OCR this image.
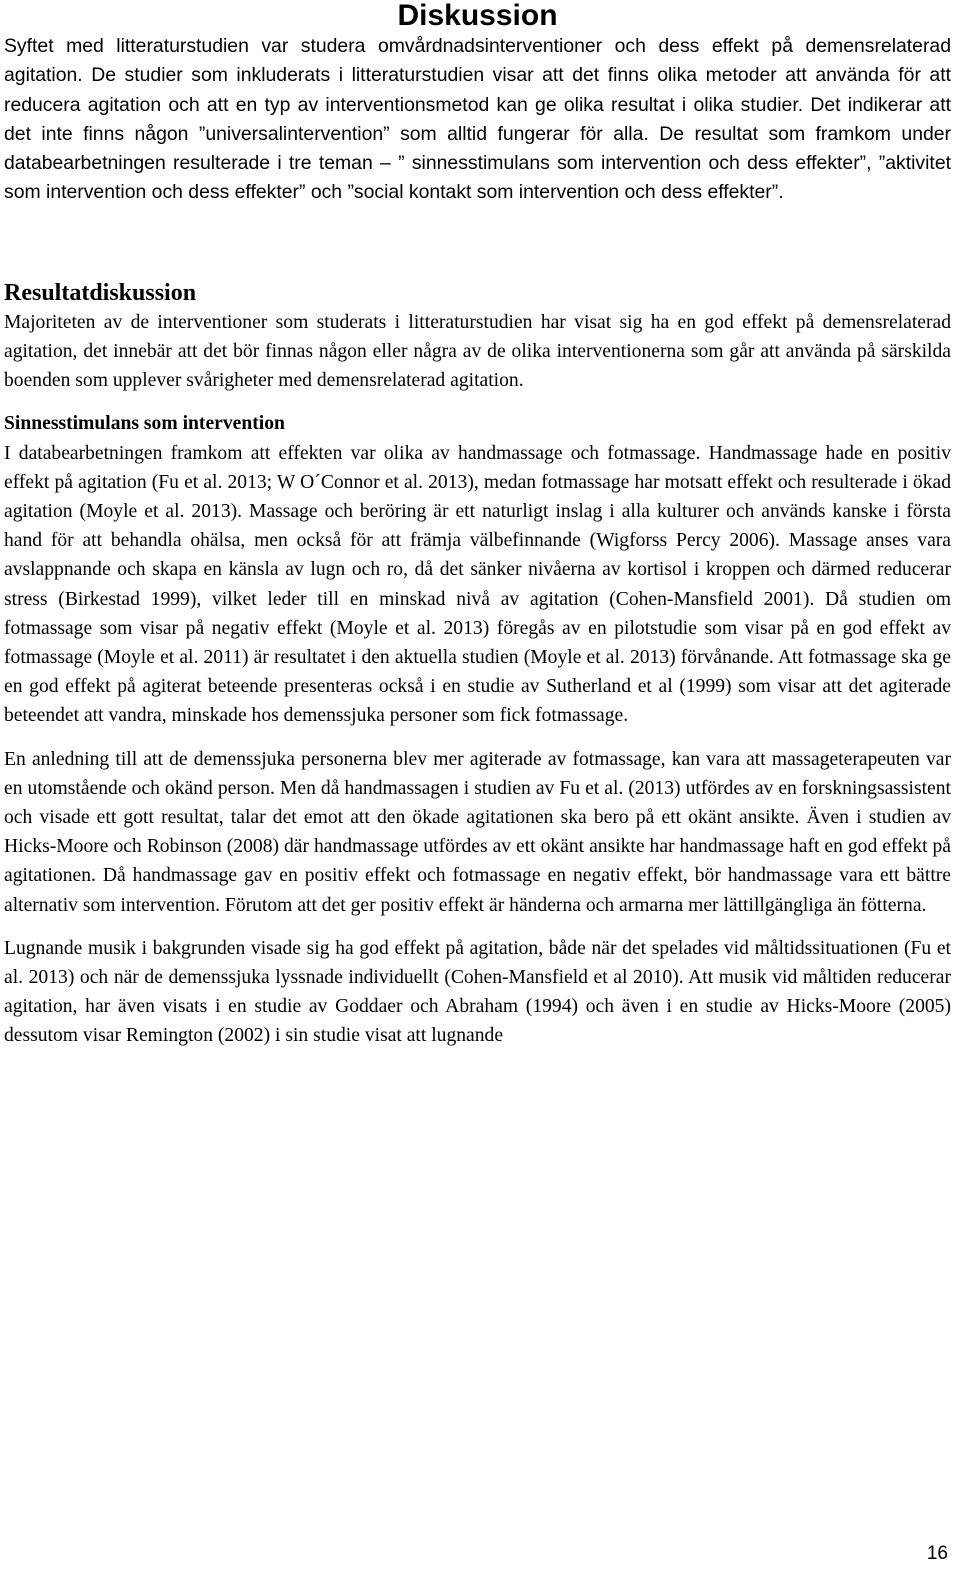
Diskussion

Syftet med litteraturstudien var studera omvårdnadsinterventioner och dess effekt på demensrelaterad agitation. De studier som inkluderats i litteraturstudien visar att det finns olika metoder att använda för att reducera agitation och att en typ av interventionsmetod kan ge olika resultat i olika studier. Det indikerar att det inte finns någon ”universalintervention” som alltid fungerar för alla. De resultat som framkom under databearbetningen resulterade i tre teman – ” sinnesstimulans som intervention och dess effekter”, ”aktivitet som intervention och dess effekter” och ”social kontakt som intervention och dess effekter”.

Resultatdiskussion

Majoriteten av de interventioner som studerats i litteraturstudien har visat sig ha en god effekt på demensrelaterad agitation, det innebär att det bör finnas någon eller några av de olika interventionerna som går att använda på särskilda boenden som upplever svårigheter med demensrelaterad agitation.

Sinnesstimulans som intervention

I databearbetningen framkom att effekten var olika av handmassage och fotmassage. Handmassage hade en positiv effekt på agitation (Fu et al. 2013; W O´Connor et al. 2013), medan fotmassage har motsatt effekt och resulterade i ökad agitation (Moyle et al. 2013). Massage och beröring är ett naturligt inslag i alla kulturer och används kanske i första hand för att behandla ohälsa, men också för att främja välbefinnande (Wigforss Percy 2006). Massage anses vara avslappnande och skapa en känsla av lugn och ro, då det sänker nivåerna av kortisol i kroppen och därmed reducerar stress (Birkestad 1999), vilket leder till en minskad nivå av agitation (Cohen-Mansfield 2001). Då studien om fotmassage som visar på negativ effekt (Moyle et al. 2013) föregås av en pilotstudie som visar på en god effekt av fotmassage (Moyle et al. 2011) är resultatet i den aktuella studien (Moyle et al. 2013) förvånande. Att fotmassage ska ge en god effekt på agiterat beteende presenteras också i en studie av Sutherland et al (1999) som visar att det agiterade beteendet att vandra, minskade hos demenssjuka personer som fick fotmassage.

En anledning till att de demenssjuka personerna blev mer agiterade av fotmassage, kan vara att massageterapeuten var en utomstående och okänd person. Men då handmassagen i studien av Fu et al. (2013) utfördes av en forskningsassistent och visade ett gott resultat, talar det emot att den ökade agitationen ska bero på ett okänt ansikte. Även i studien av Hicks-Moore och Robinson (2008) där handmassage utfördes av ett okänt ansikte har handmassage haft en god effekt på agitationen. Då handmassage gav en positiv effekt och fotmassage en negativ effekt, bör handmassage vara ett bättre alternativ som intervention. Förutom att det ger positiv effekt är händerna och armarna mer lättillgängliga än fötterna.

Lugnande musik i bakgrunden visade sig ha god effekt på agitation, både när det spelades vid måltidssituationen (Fu et al. 2013) och när de demenssjuka lyssnade individuellt (Cohen-Mansfield et al 2010). Att musik vid måltiden reducerar agitation, har även visats i en studie av Goddaer och Abraham (1994) och även i en studie av Hicks-Moore (2005) dessutom visar Remington (2002) i sin studie visat att lugnande

16
